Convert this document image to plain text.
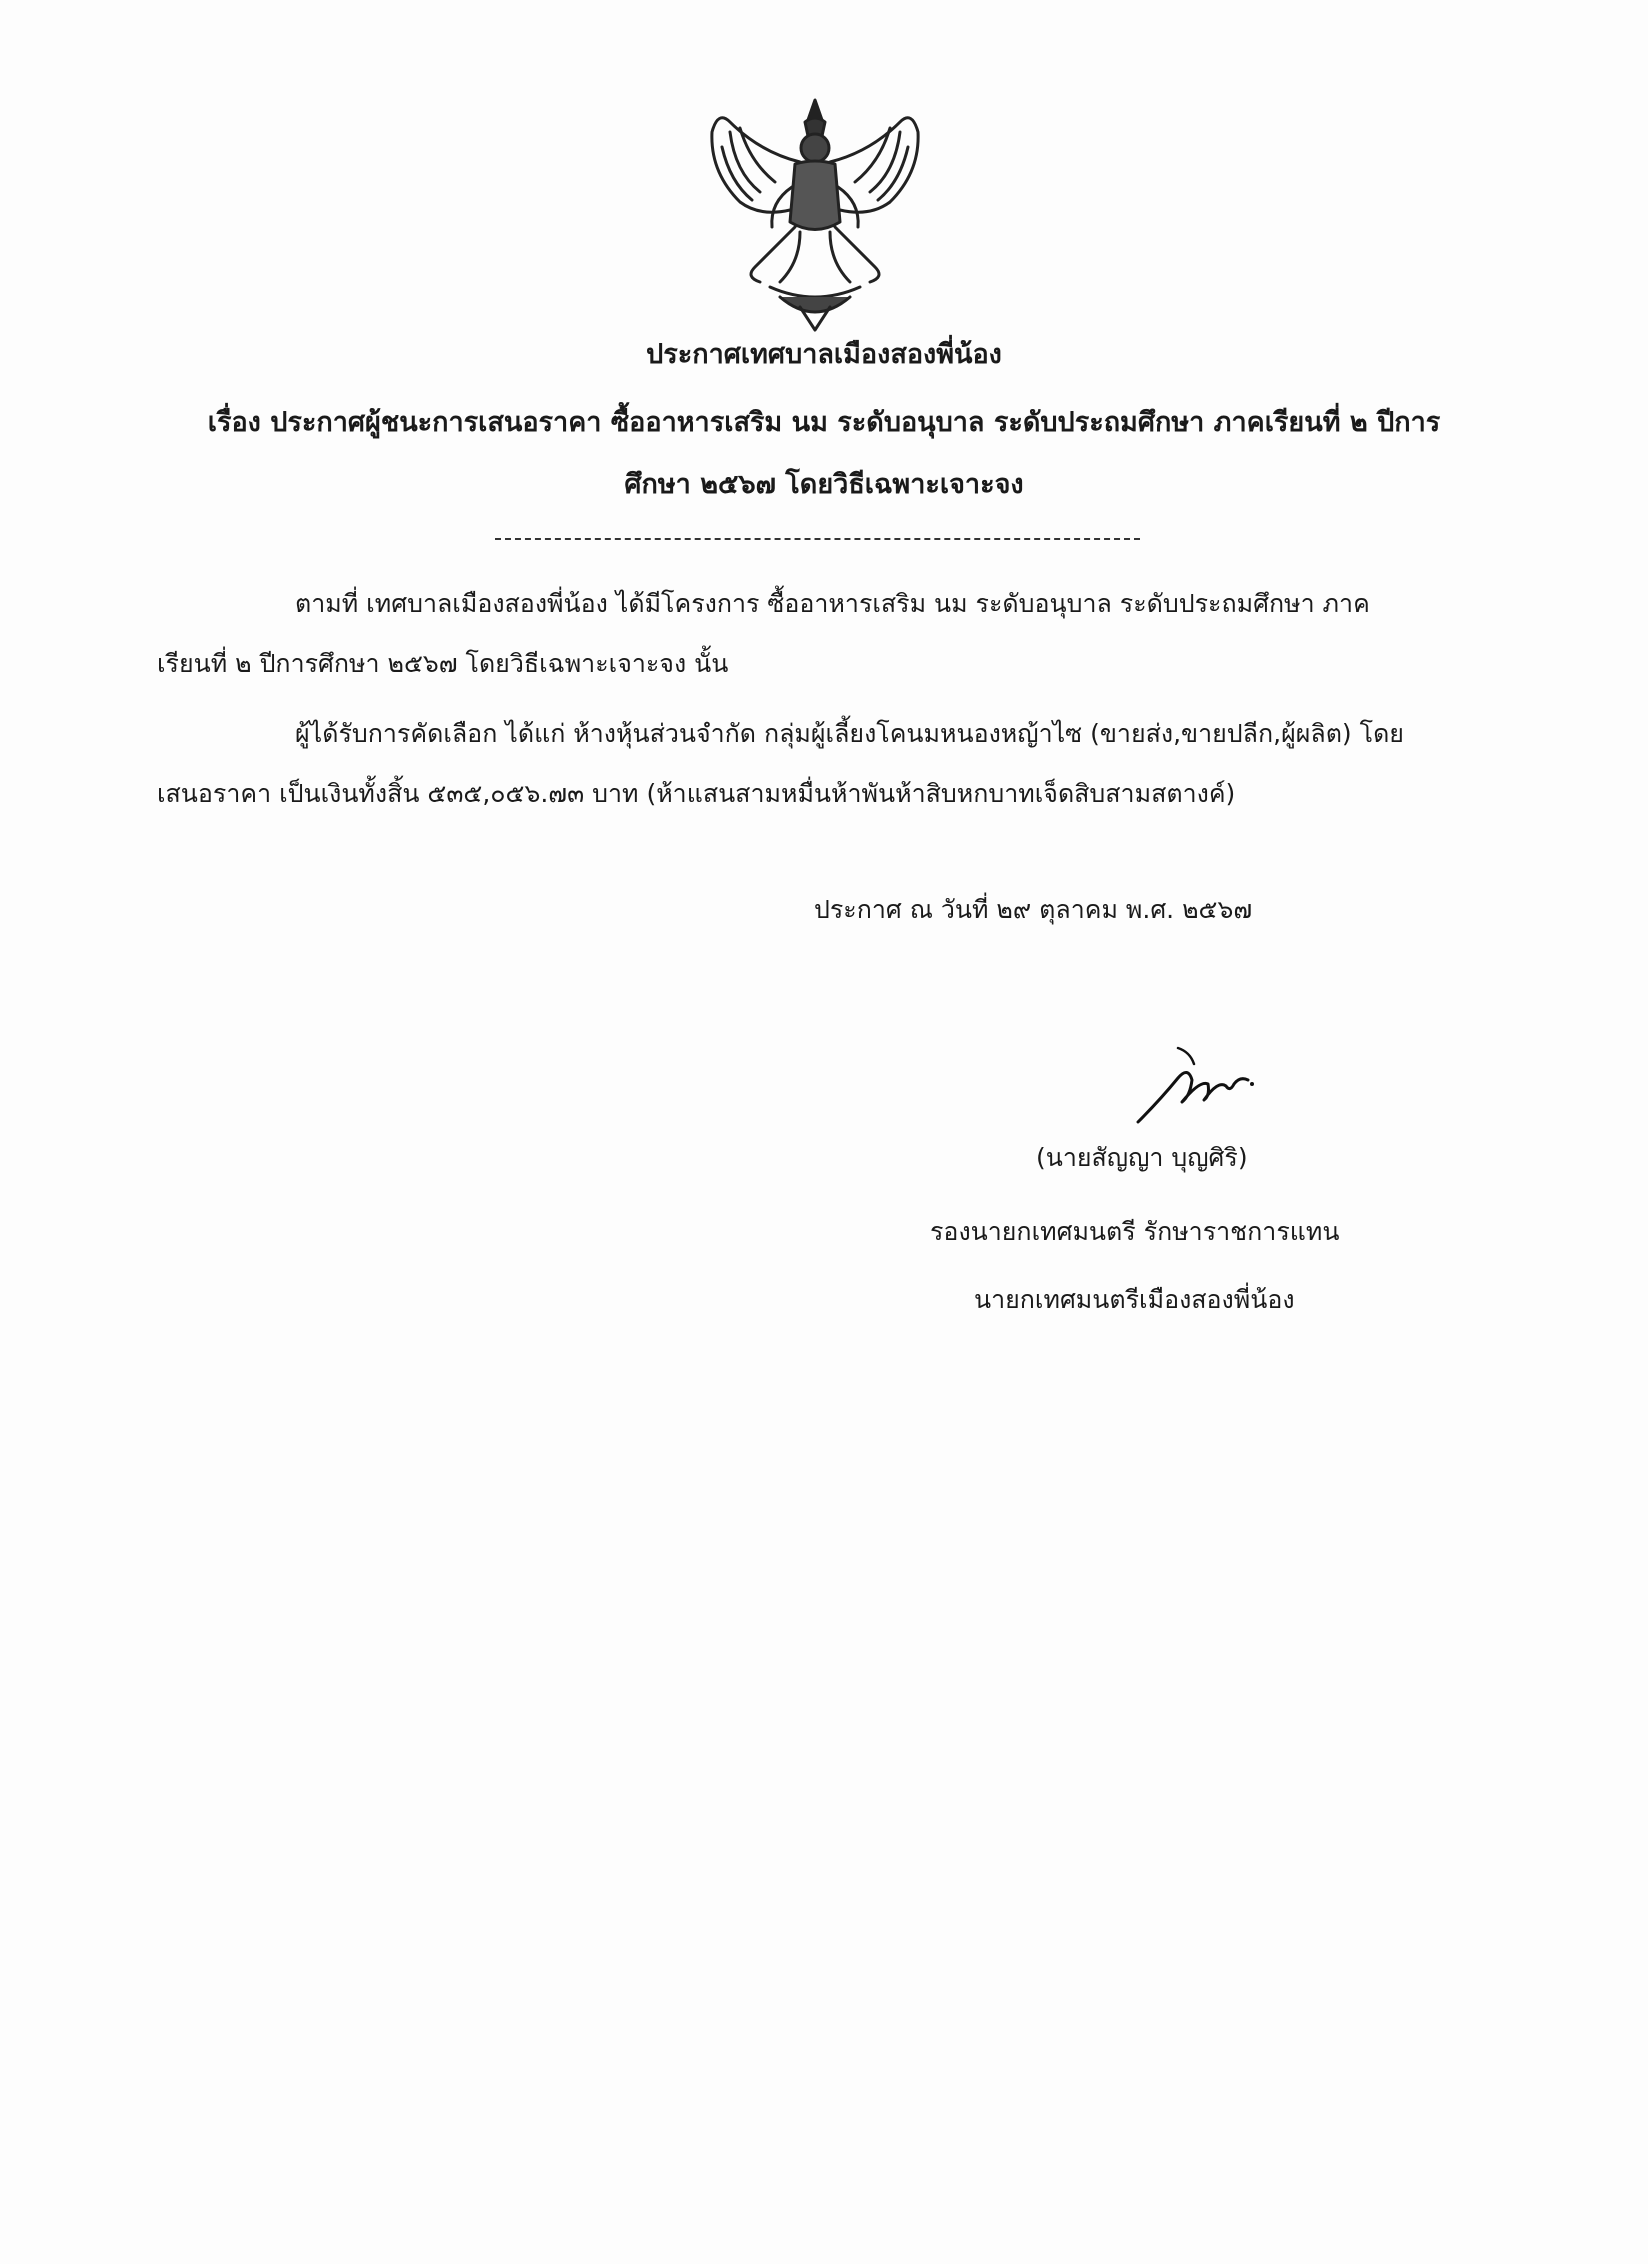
ประกาศเทศบาลเมืองสองพี่น้อง
เรื่อง ประกาศผู้ชนะการเสนอราคา ซื้ออาหารเสริม นม ระดับอนุบาล ระดับประถมศึกษา ภาคเรียนที่ ๒ ปีการ
ศึกษา ๒๕๖๗ โดยวิธีเฉพาะเจาะจง
ตามที่ เทศบาลเมืองสองพี่น้อง ได้มีโครงการ ซื้ออาหารเสริม นม ระดับอนุบาล ระดับประถมศึกษา ภาค
เรียนที่ ๒ ปีการศึกษา ๒๕๖๗ โดยวิธีเฉพาะเจาะจง นั้น
ผู้ได้รับการคัดเลือก ได้แก่ ห้างหุ้นส่วนจำกัด กลุ่มผู้เลี้ยงโคนมหนองหญ้าไซ (ขายส่ง,ขายปลีก,ผู้ผลิต) โดย
เสนอราคา เป็นเงินทั้งสิ้น ๕๓๕,๐๕๖.๗๓ บาท (ห้าแสนสามหมื่นห้าพันห้าสิบหกบาทเจ็ดสิบสามสตางค์)
ประกาศ ณ วันที่ ๒๙ ตุลาคม พ.ศ. ๒๕๖๗
(นายสัญญา บุญศิริ)
รองนายกเทศมนตรี รักษาราชการแทน
นายกเทศมนตรีเมืองสองพี่น้อง
